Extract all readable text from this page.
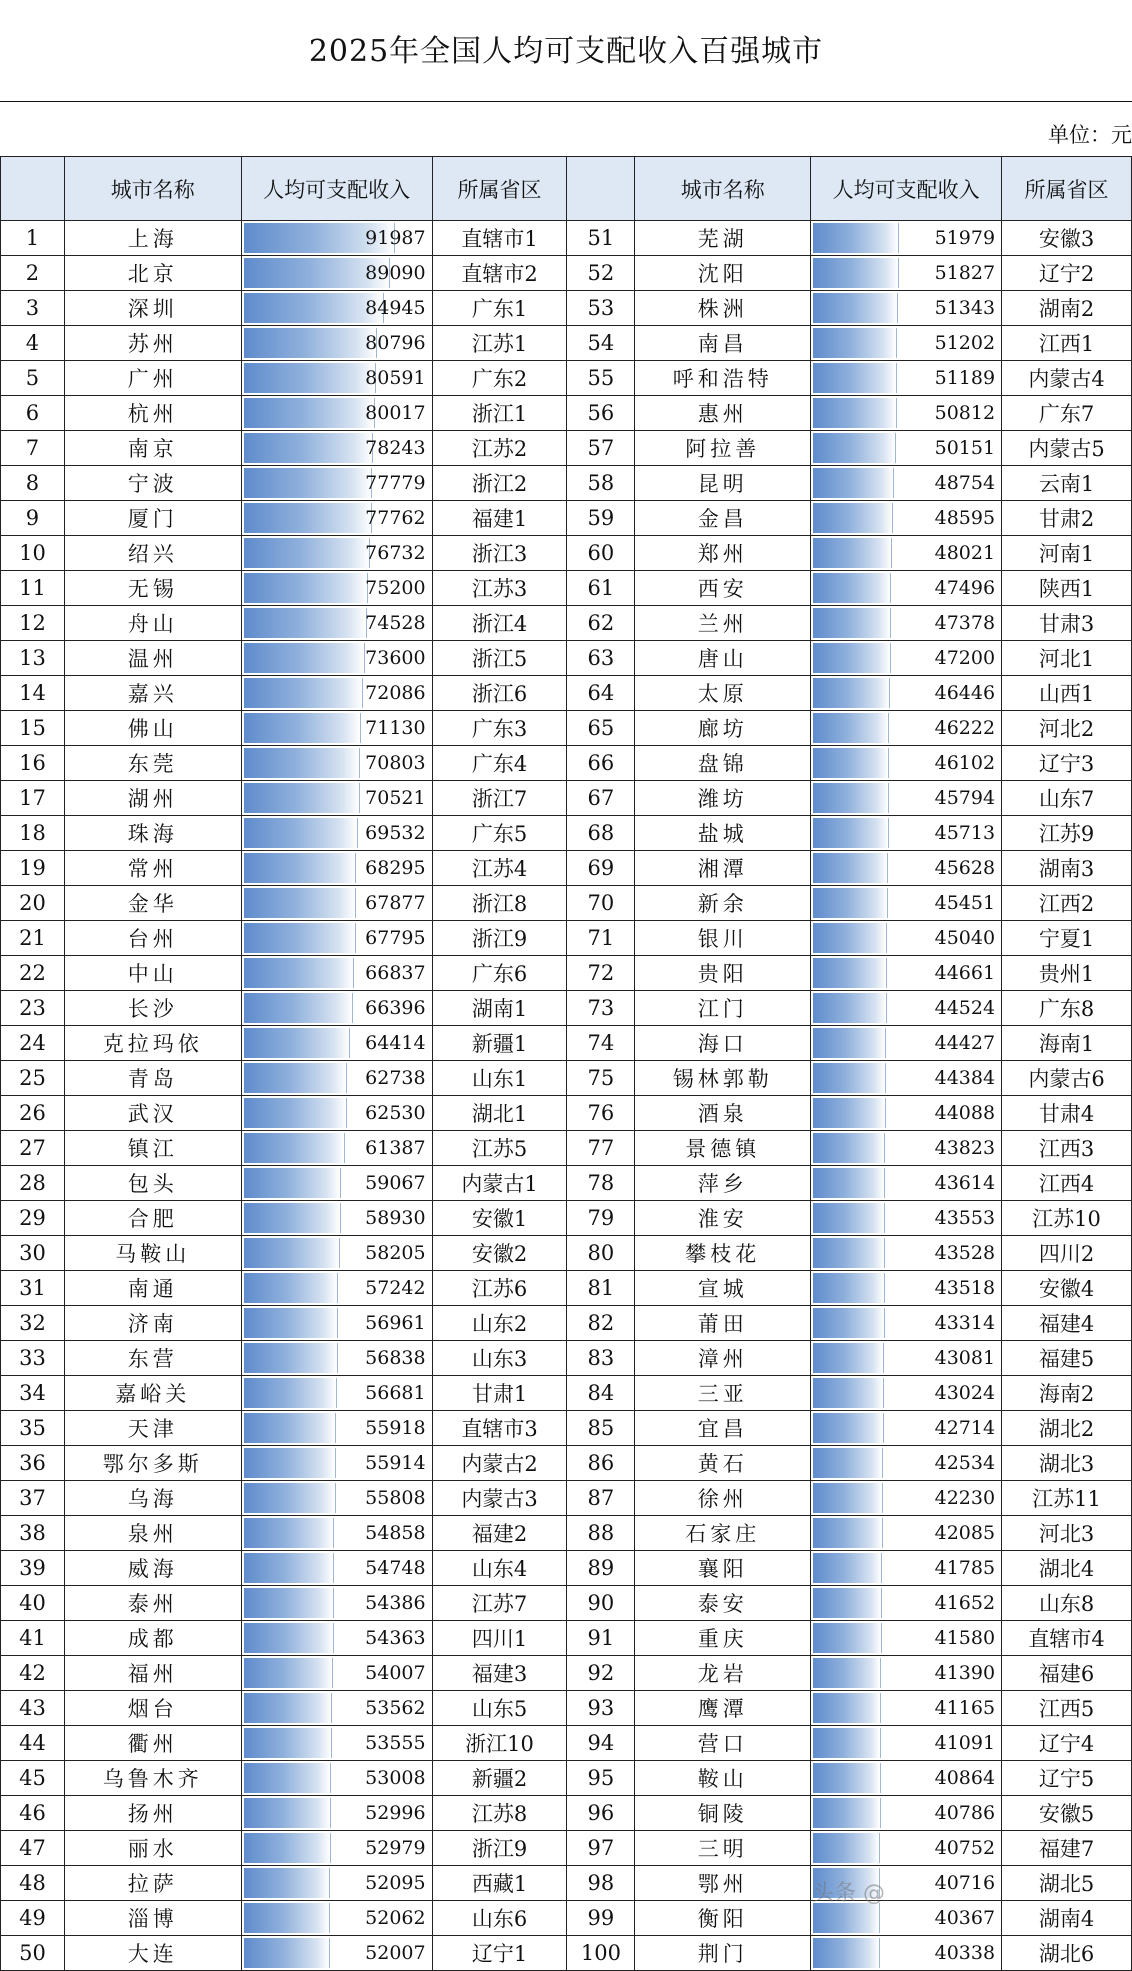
2025年全国人均可支配收入百强城市
单位：元
	城市名称	人均可支配收入	所属省区		城市名称	人均可支配收入	所属省区
1	上海	91987	直辖市1	51	芜湖	51979	安徽3
2	北京	89090	直辖市2	52	沈阳	51827	辽宁2
3	深圳	84945	广东1	53	株洲	51343	湖南2
4	苏州	80796	江苏1	54	南昌	51202	江西1
5	广州	80591	广东2	55	呼和浩特	51189	内蒙古4
6	杭州	80017	浙江1	56	惠州	50812	广东7
7	南京	78243	江苏2	57	阿拉善	50151	内蒙古5
8	宁波	77779	浙江2	58	昆明	48754	云南1
9	厦门	77762	福建1	59	金昌	48595	甘肃2
10	绍兴	76732	浙江3	60	郑州	48021	河南1
11	无锡	75200	江苏3	61	西安	47496	陕西1
12	舟山	74528	浙江4	62	兰州	47378	甘肃3
13	温州	73600	浙江5	63	唐山	47200	河北1
14	嘉兴	72086	浙江6	64	太原	46446	山西1
15	佛山	71130	广东3	65	廊坊	46222	河北2
16	东莞	70803	广东4	66	盘锦	46102	辽宁3
17	湖州	70521	浙江7	67	潍坊	45794	山东7
18	珠海	69532	广东5	68	盐城	45713	江苏9
19	常州	68295	江苏4	69	湘潭	45628	湖南3
20	金华	67877	浙江8	70	新余	45451	江西2
21	台州	67795	浙江9	71	银川	45040	宁夏1
22	中山	66837	广东6	72	贵阳	44661	贵州1
23	长沙	66396	湖南1	73	江门	44524	广东8
24	克拉玛依	64414	新疆1	74	海口	44427	海南1
25	青岛	62738	山东1	75	锡林郭勒	44384	内蒙古6
26	武汉	62530	湖北1	76	酒泉	44088	甘肃4
27	镇江	61387	江苏5	77	景德镇	43823	江西3
28	包头	59067	内蒙古1	78	萍乡	43614	江西4
29	合肥	58930	安徽1	79	淮安	43553	江苏10
30	马鞍山	58205	安徽2	80	攀枝花	43528	四川2
31	南通	57242	江苏6	81	宣城	43518	安徽4
32	济南	56961	山东2	82	莆田	43314	福建4
33	东营	56838	山东3	83	漳州	43081	福建5
34	嘉峪关	56681	甘肃1	84	三亚	43024	海南2
35	天津	55918	直辖市3	85	宜昌	42714	湖北2
36	鄂尔多斯	55914	内蒙古2	86	黄石	42534	湖北3
37	乌海	55808	内蒙古3	87	徐州	42230	江苏11
38	泉州	54858	福建2	88	石家庄	42085	河北3
39	威海	54748	山东4	89	襄阳	41785	湖北4
40	泰州	54386	江苏7	90	泰安	41652	山东8
41	成都	54363	四川1	91	重庆	41580	直辖市4
42	福州	54007	福建3	92	龙岩	41390	福建6
43	烟台	53562	山东5	93	鹰潭	41165	江西5
44	衢州	53555	浙江10	94	营口	41091	辽宁4
45	乌鲁木齐	53008	新疆2	95	鞍山	40864	辽宁5
46	扬州	52996	江苏8	96	铜陵	40786	安徽5
47	丽水	52979	浙江9	97	三明	40752	福建7
48	拉萨	52095	西藏1	98	鄂州	40716	湖北5
49	淄博	52062	山东6	99	衡阳	40367	湖南4
50	大连	52007	辽宁1	100	荆门	40338	湖北6
头条 @
